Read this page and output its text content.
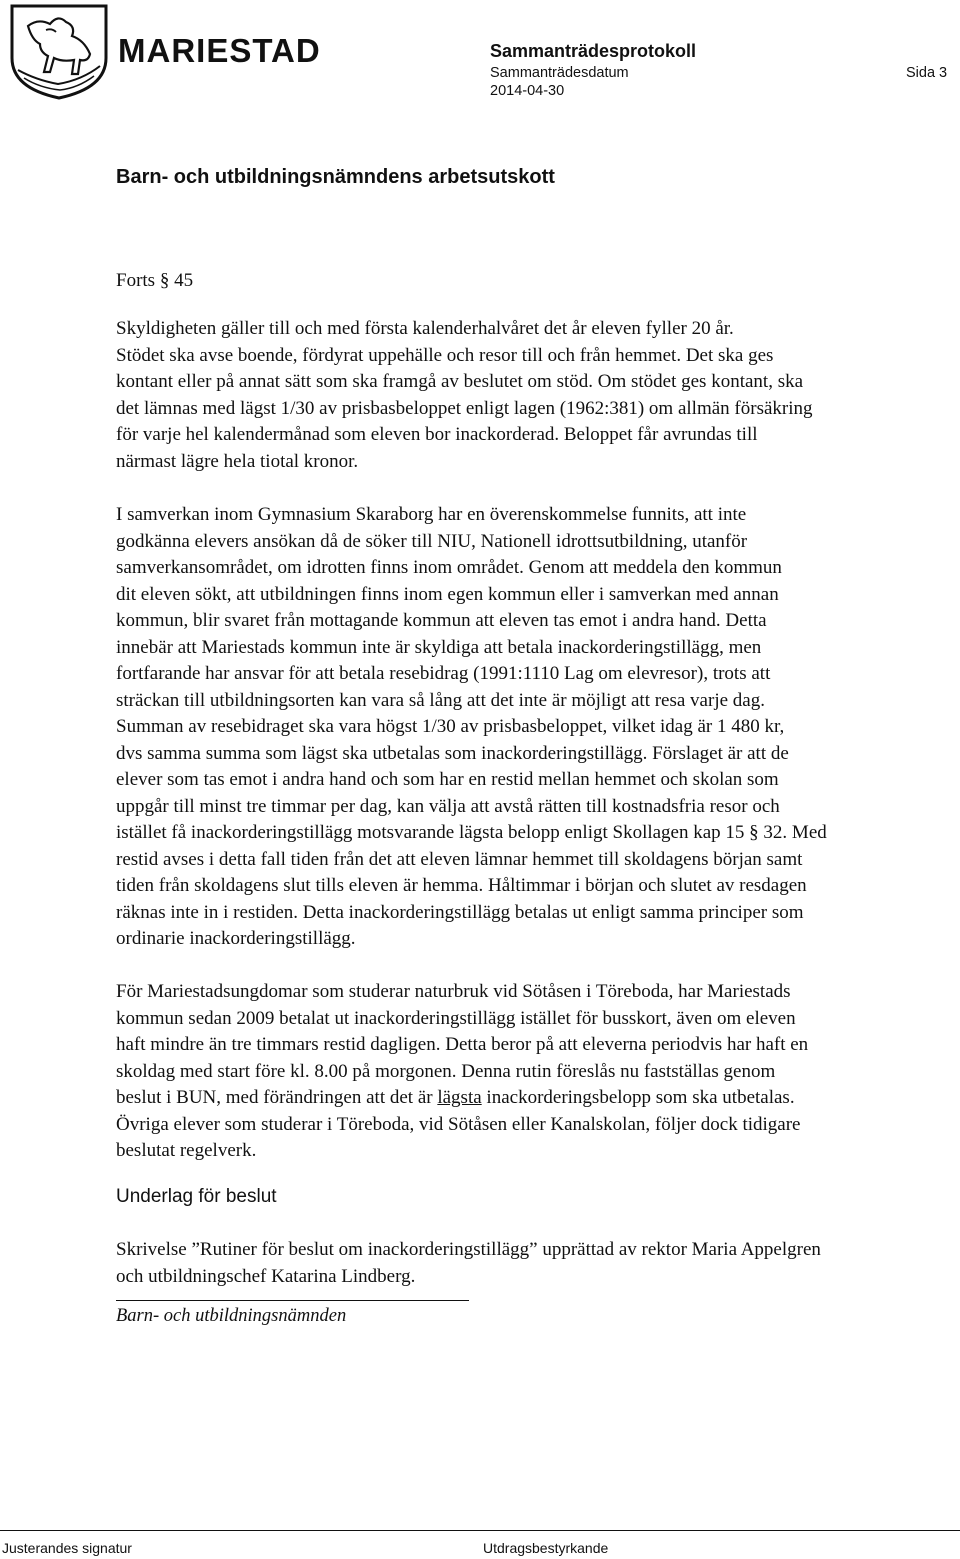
MARIESTAD	Sammanträdesprotokoll
Sammanträdesdatum
2014-04-30
Sida 3
Barn- och utbildningsnämndens arbetsutskott
Forts § 45
Skyldigheten gäller till och med första kalenderhalvåret det år eleven fyller 20 år.
Stödet ska avse boende, fördyrat uppehälle och resor till och från hemmet. Det ska ges
kontant eller på annat sätt som ska framgå av beslutet om stöd. Om stödet ges kontant, ska
det lämnas med lägst 1/30 av prisbasbeloppet enligt lagen (1962:381) om allmän försäkring
för varje hel kalendermånad som eleven bor inackorderad. Beloppet får avrundas till
närmast lägre hela tiotal kronor.
I samverkan inom Gymnasium Skaraborg har en överenskommelse funnits, att inte
godkänna elevers ansökan då de söker till NIU, Nationell idrottsutbildning, utanför
samverkansområdet, om idrotten finns inom området. Genom att meddela den kommun
dit eleven sökt, att utbildningen finns inom egen kommun eller i samverkan med annan
kommun, blir svaret från mottagande kommun att eleven tas emot i andra hand. Detta
innebär att Mariestads kommun inte är skyldiga att betala inackorderingstillägg, men
fortfarande har ansvar för att betala resebidrag (1991:1110 Lag om elevresor), trots att
sträckan till utbildningsorten kan vara så lång att det inte är möjligt att resa varje dag.
Summan av resebidraget ska vara högst 1/30 av prisbasbeloppet, vilket idag är 1 480 kr,
dvs samma summa som lägst ska utbetalas som inackorderingstillägg. Förslaget är att de
elever som tas emot i andra hand och som har en restid mellan hemmet och skolan som
uppgår till minst tre timmar per dag, kan välja att avstå rätten till kostnadsfria resor och
istället få inackorderingstillägg motsvarande lägsta belopp enligt Skollagen kap 15 § 32. Med
restid avses i detta fall tiden från det att eleven lämnar hemmet till skoldagens början samt
tiden från skoldagens slut tills eleven är hemma. Håltimmar i början och slutet av resdagen
räknas inte in i restiden. Detta inackorderingstillägg betalas ut enligt samma principer som
ordinarie inackorderingstillägg.
För Mariestadsungdomar som studerar naturbruk vid Sötåsen i Töreboda, har Mariestads
kommun sedan 2009 betalat ut inackorderingstillägg istället för busskort, även om eleven
haft mindre än tre timmars restid dagligen. Detta beror på att eleverna periodvis har haft en
skoldag med start före kl. 8.00 på morgonen. Denna rutin föreslås nu fastställas genom
beslut i BUN, med förändringen att det är lägsta inackorderingsbelopp som ska utbetalas.
Övriga elever som studerar i Töreboda, vid Sötåsen eller Kanalskolan, följer dock tidigare
beslutat regelverk.
Underlag för beslut
Skrivelse ”Rutiner för beslut om inackorderingstillägg” upprättad av rektor Maria Appelgren
och utbildningschef Katarina Lindberg.
Barn- och utbildningsnämnden
Justerandes signatur	Utdragsbestyrkande
